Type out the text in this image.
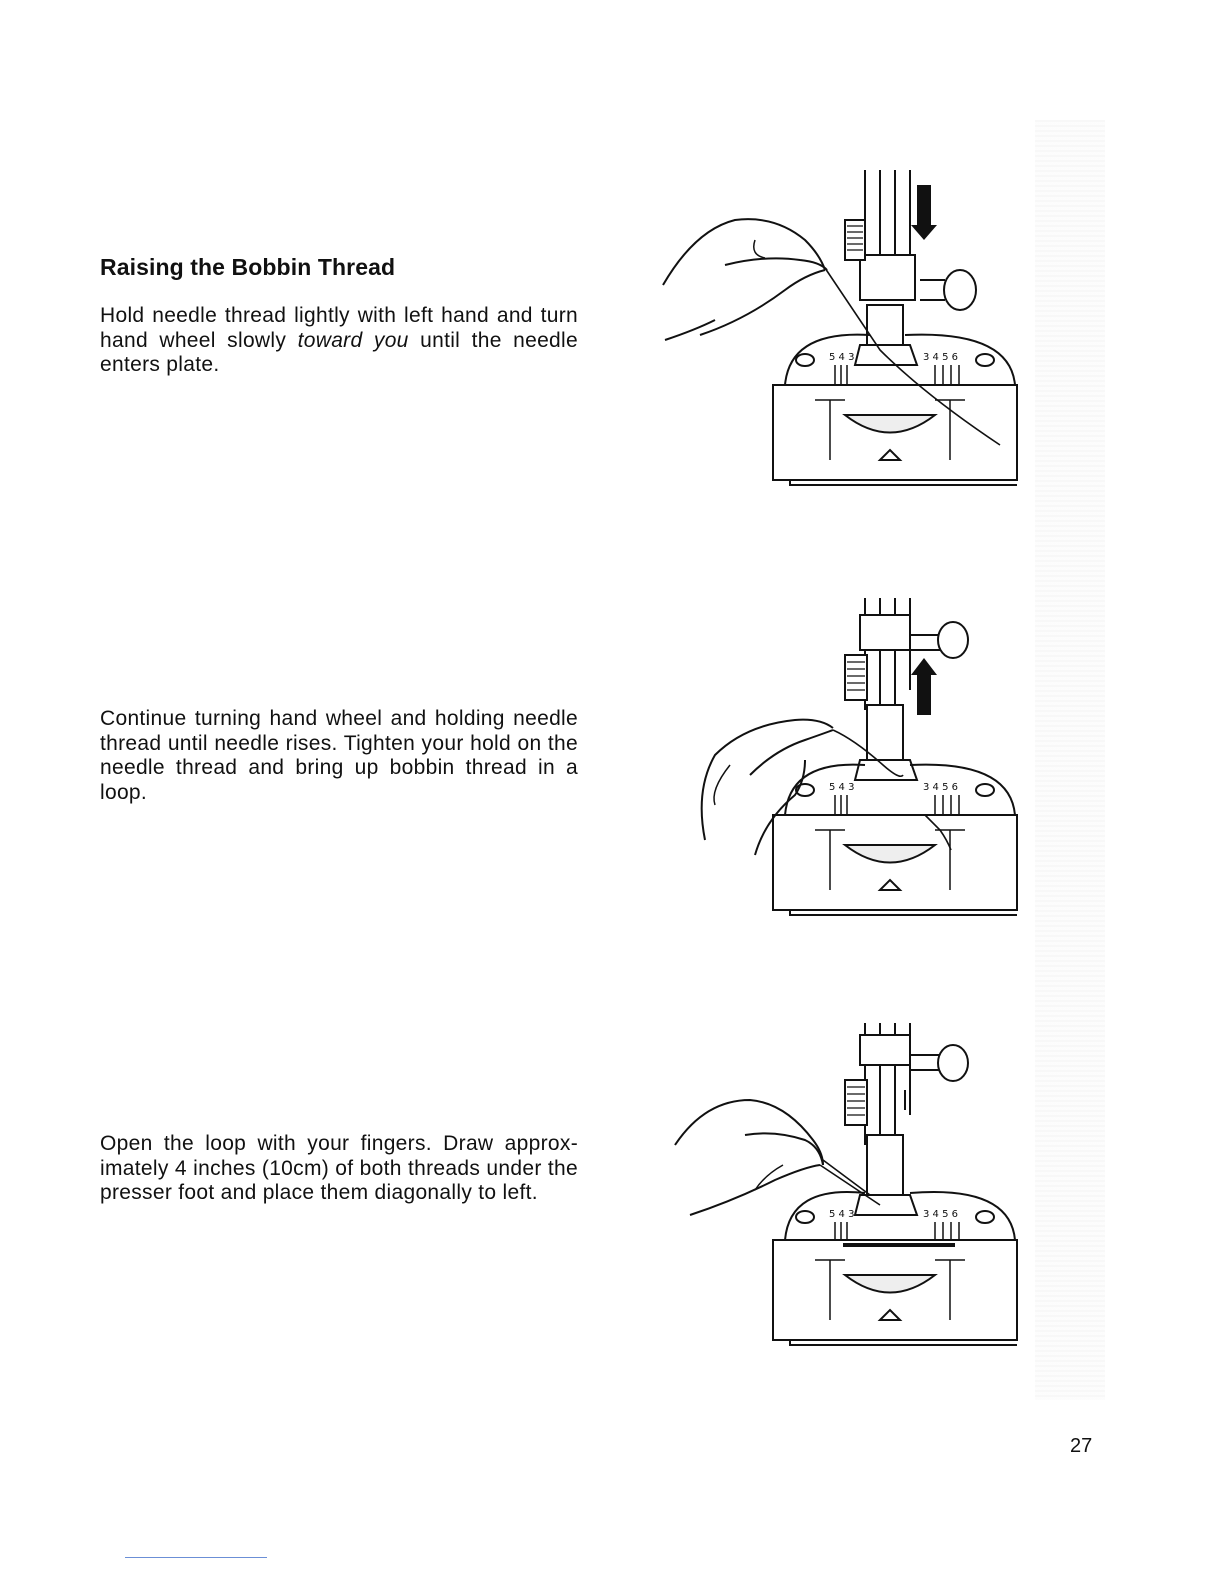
Raising the Bobbin Thread

Hold needle thread lightly with left hand and turn hand wheel slowly toward you until the needle enters plate.

Continue turning hand wheel and holding needle thread until needle rises. Tighten your hold on the needle thread and bring up bobbin thread in a loop.

Open the loop with your fingers. Draw approx-imately 4 inches (10cm) of both threads under the presser foot and place them diagonally to left.

5 4 3	3 4 5 6
5 4 3	3 4 5 6
5 4 3	3 4 5 6

27
